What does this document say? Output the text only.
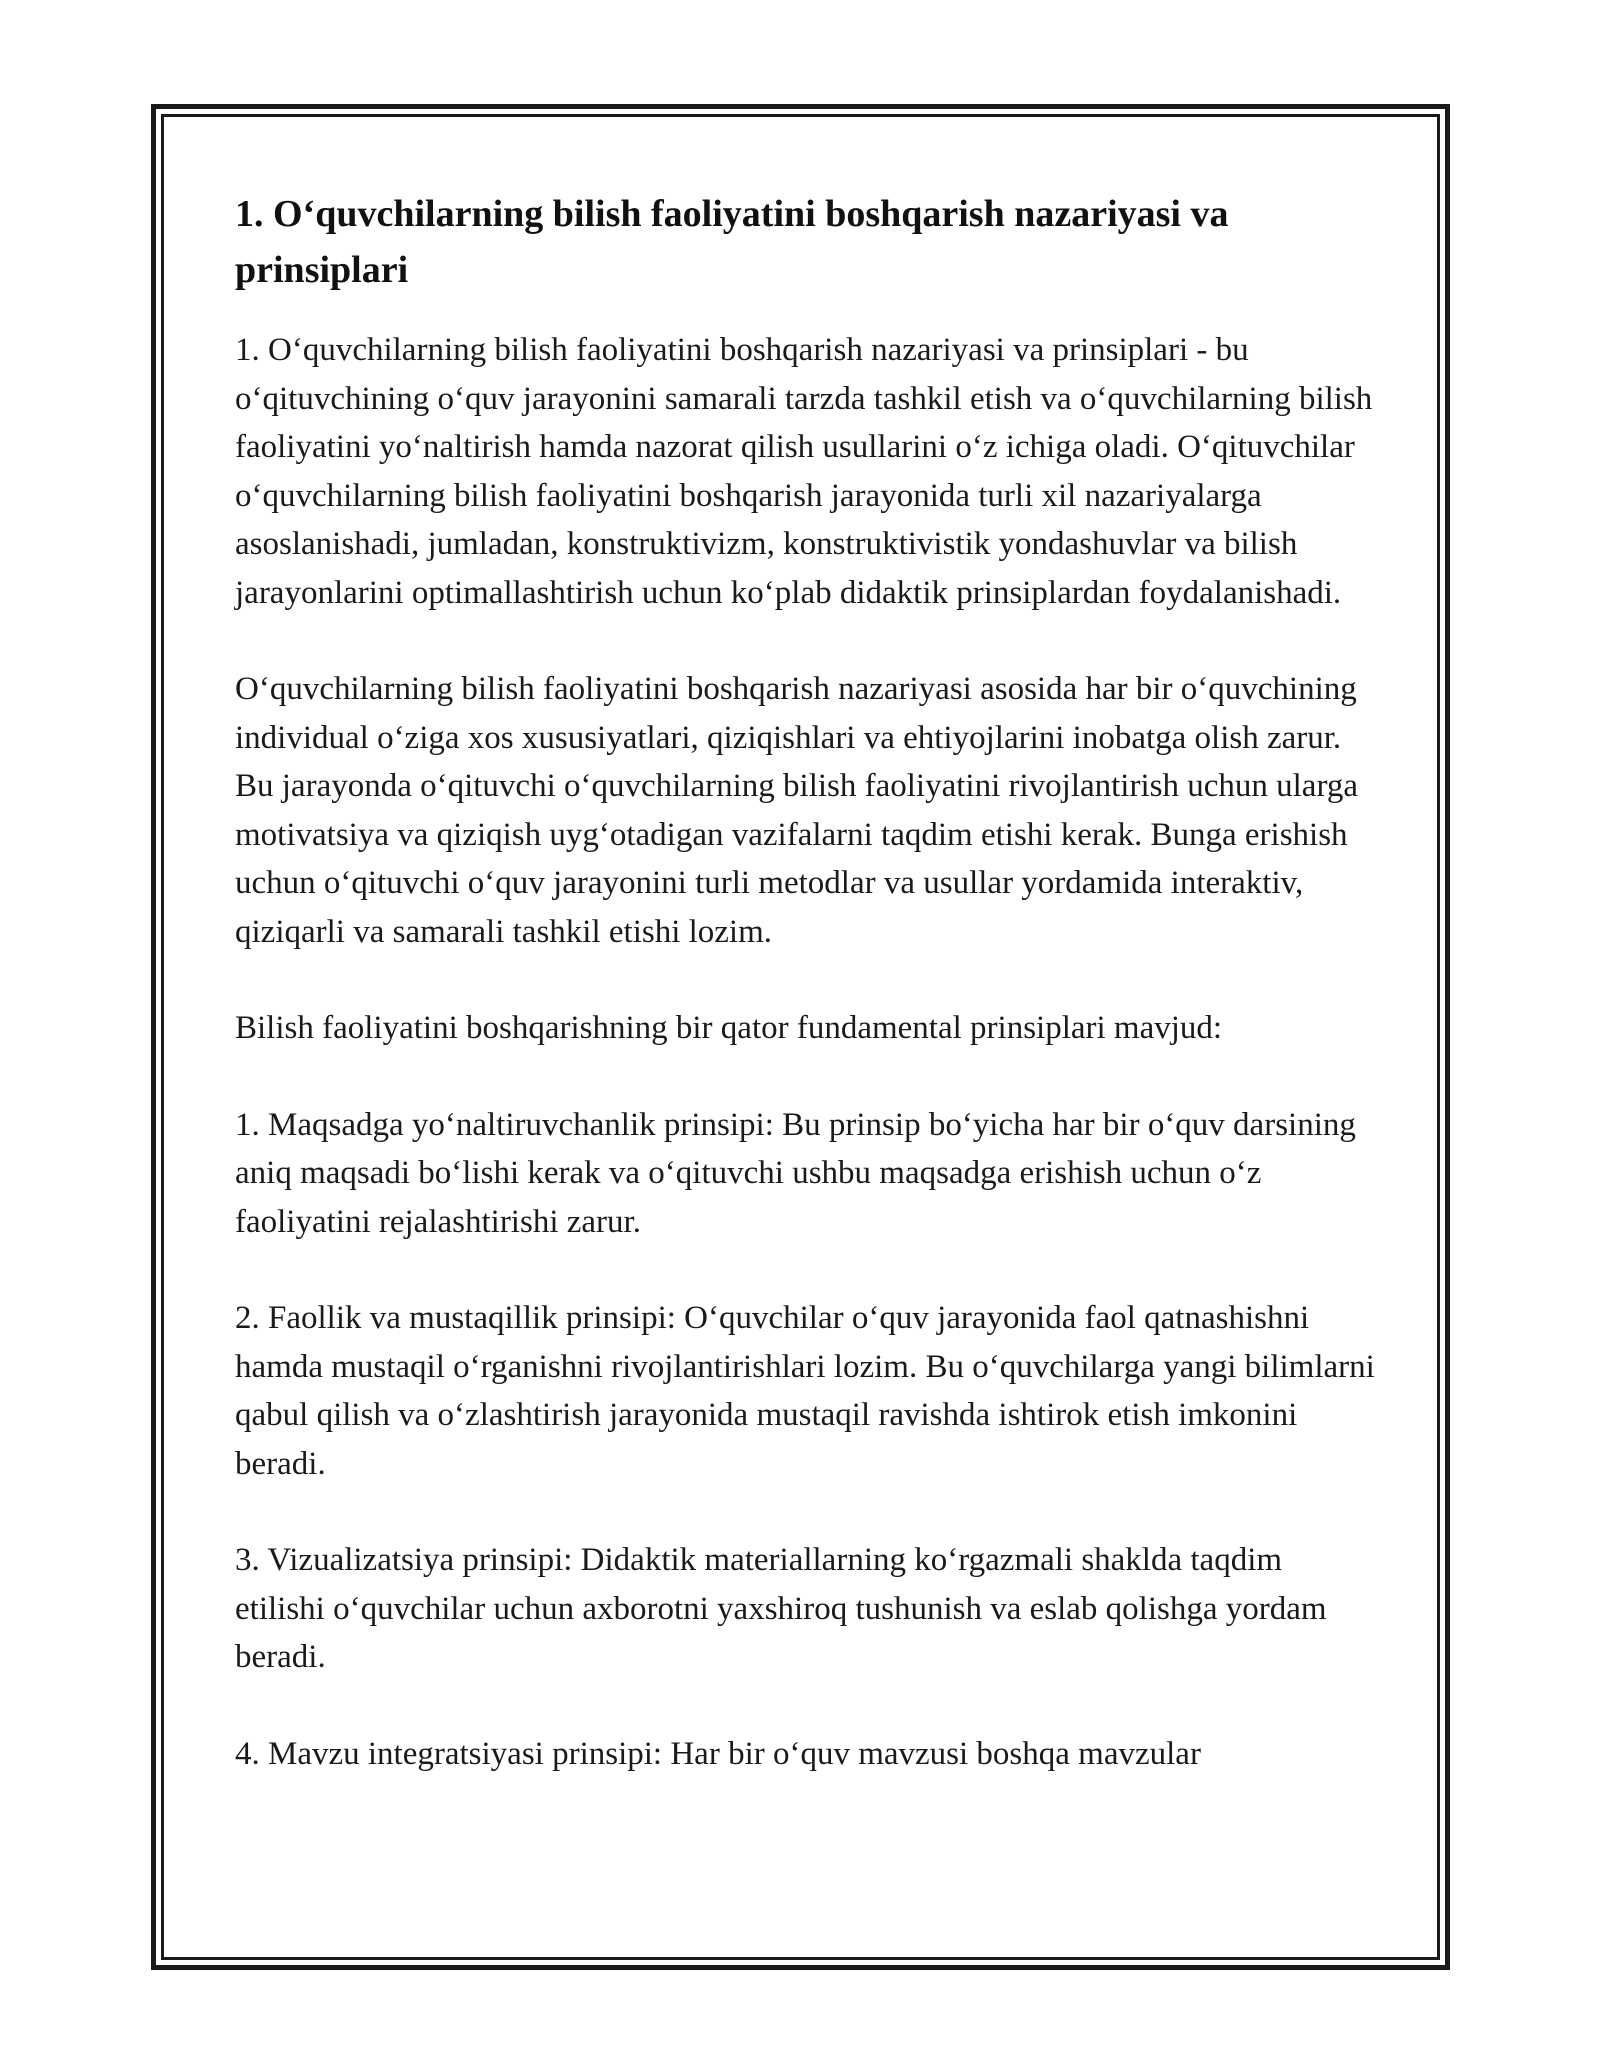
1. O‘quvchilarning bilish faoliyatini boshqarish nazariyasi va prinsiplari

1. O‘quvchilarning bilish faoliyatini boshqarish nazariyasi va prinsiplari - bu o‘qituvchining o‘quv jarayonini samarali tarzda tashkil etish va o‘quvchilarning bilish faoliyatini yo‘naltirish hamda nazorat qilish usullarini o‘z ichiga oladi. O‘qituvchilar o‘quvchilarning bilish faoliyatini boshqarish jarayonida turli xil nazariyalarga asoslanishadi, jumladan, konstruktivizm, konstruktivistik yondashuvlar va bilish jarayonlarini optimallashtirish uchun ko‘plab didaktik prinsiplardan foydalanishadi.

O‘quvchilarning bilish faoliyatini boshqarish nazariyasi asosida har bir o‘quvchining individual o‘ziga xos xususiyatlari, qiziqishlari va ehtiyojlarini inobatga olish zarur. Bu jarayonda o‘qituvchi o‘quvchilarning bilish faoliyatini rivojlantirish uchun ularga motivatsiya va qiziqish uyg‘otadigan vazifalarni taqdim etishi kerak. Bunga erishish uchun o‘qituvchi o‘quv jarayonini turli metodlar va usullar yordamida interaktiv, qiziqarli va samarali tashkil etishi lozim.

Bilish faoliyatini boshqarishning bir qator fundamental prinsiplari mavjud:

1. Maqsadga yo‘naltiruvchanlik prinsipi: Bu prinsip bo‘yicha har bir o‘quv darsining aniq maqsadi bo‘lishi kerak va o‘qituvchi ushbu maqsadga erishish uchun o‘z faoliyatini rejalashtirishi zarur.

2. Faollik va mustaqillik prinsipi: O‘quvchilar o‘quv jarayonida faol qatnashishni hamda mustaqil o‘rganishni rivojlantirishlari lozim. Bu o‘quvchilarga yangi bilimlarni qabul qilish va o‘zlashtirish jarayonida mustaqil ravishda ishtirok etish imkonini beradi.

3. Vizualizatsiya prinsipi: Didaktik materiallarning ko‘rgazmali shaklda taqdim etilishi o‘quvchilar uchun axborotni yaxshiroq tushunish va eslab qolishga yordam beradi.

4. Mavzu integratsiyasi prinsipi: Har bir o‘quv mavzusi boshqa mavzular
